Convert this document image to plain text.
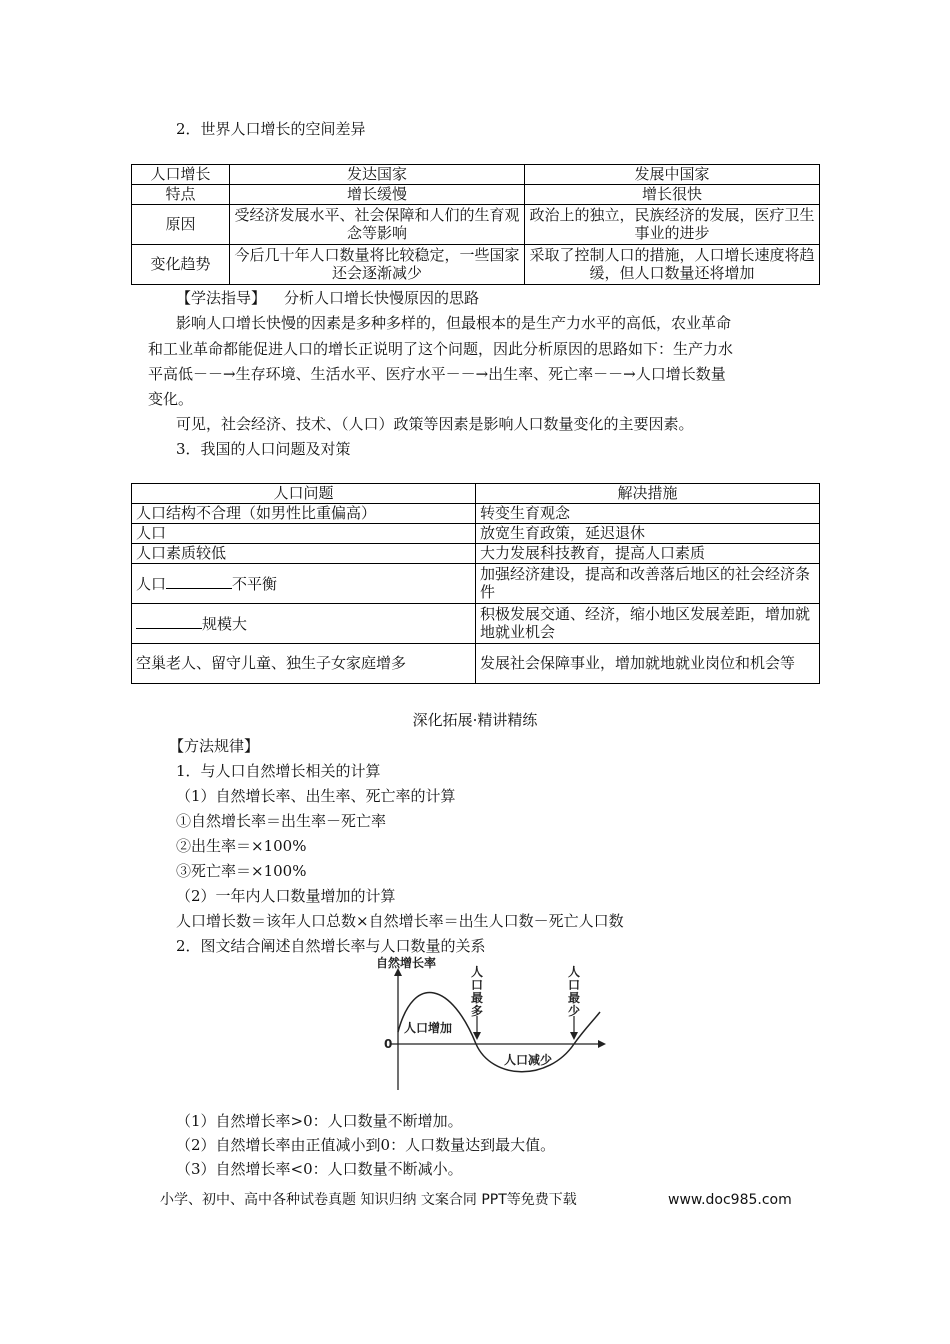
2．世界人口增长的空间差异
人口增长	发达国家	发展中国家
特点	增长缓慢	增长很快
原因	受经济发展水平、社会保障和人们的生育观念等影响	政治上的独立，民族经济的发展，医疗卫生事业的进步
变化趋势	今后几十年人口数量将比较稳定，一些国家还会逐渐减少	采取了控制人口的措施，人口增长速度将趋缓，但人口数量还将增加
【学法指导】 分析人口增长快慢原因的思路
影响人口增长快慢的因素是多种多样的，但最根本的是生产力水平的高低，农业革命
和工业革命都能促进人口的增长正说明了这个问题，因此分析原因的思路如下：生产力水
平高低－－→生存环境、生活水平、医疗水平－－→出生率、死亡率－－→人口增长数量
变化。
可见，社会经济、技术、（人口）政策等因素是影响人口数量变化的主要因素。
3．我国的人口问题及对策
人口问题	解决措施
人口结构不合理（如男性比重偏高）	转变生育观念
人口	放宽生育政策，延迟退休
人口素质较低	大力发展科技教育，提高人口素质
人口 不平衡	加强经济建设，提高和改善落后地区的社会经济条件
规模大	积极发展交通、经济，缩小地区发展差距，增加就地就业机会
空巢老人、留守儿童、独生子女家庭增多	发展社会保障事业，增加就地就业岗位和机会等
深化拓展·精讲精练
【方法规律】
1．与人口自然增长相关的计算
（1）自然增长率、出生率、死亡率的计算
①自然增长率＝出生率－死亡率
②出生率＝×100%
③死亡率＝×100%
（2）一年内人口数量增加的计算
人口增长数＝该年人口总数×自然增长率＝出生人口数－死亡人口数
2．图文结合阐述自然增长率与人口数量的关系
自然增长率
0
人
口
最
多
人
口
最
少
人口增加
人口减少
（1）自然增长率>0：人口数量不断增加。
（2）自然增长率由正值减小到0：人口数量达到最大值。
（3）自然增长率<0：人口数量不断减小。
小学、初中、高中各种试卷真题 知识归纳 文案合同 PPT等免费下载	www.doc985.com
